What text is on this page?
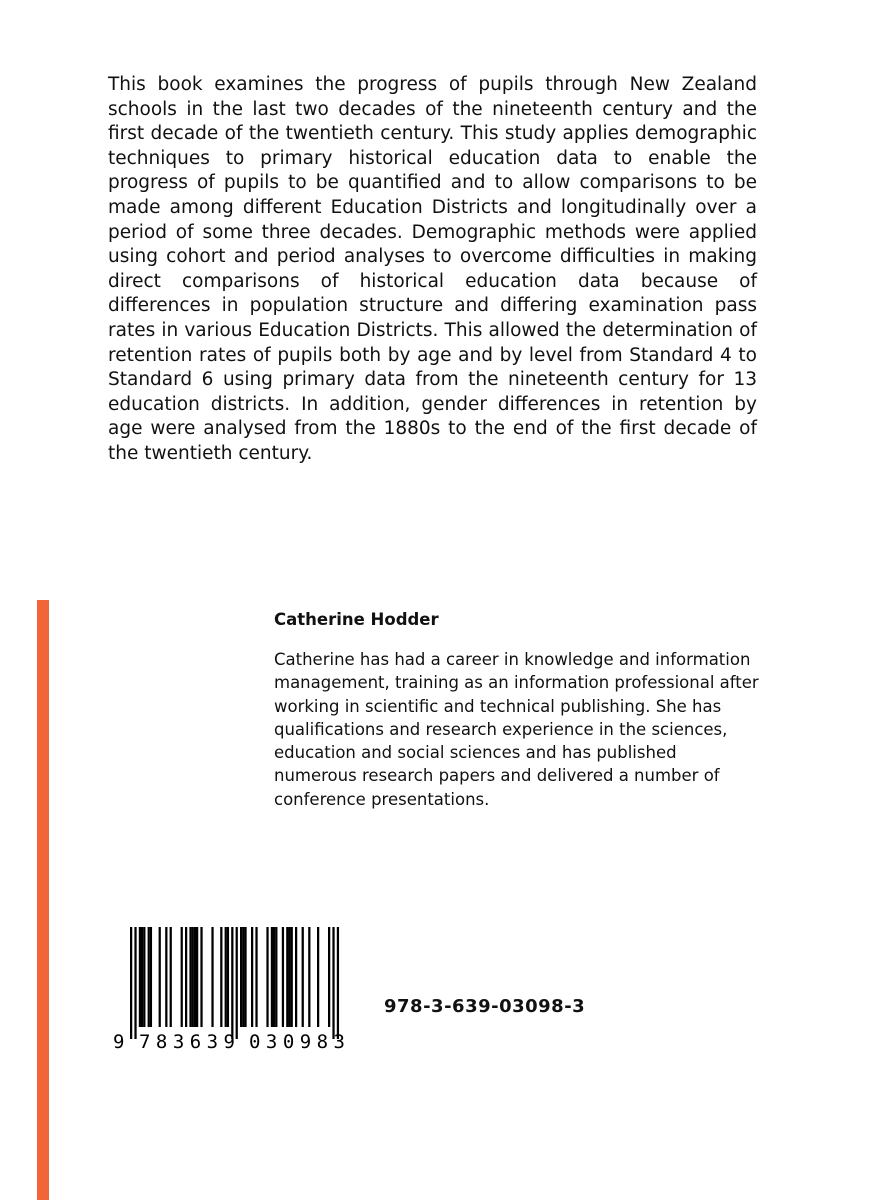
This book examines the progress of pupils through New Zealand schools in the last two decades of the nineteenth century and the first decade of the twentieth century. This study applies demographic techniques to primary historical education data to enable the progress of pupils to be quantified and to allow comparisons to be made among different Education Districts and longitudinally over a period of some three decades. Demographic methods were applied using cohort and period analyses to overcome difficulties in making direct comparisons of historical education data because of differences in population structure and differing examination pass rates in various Education Districts. This allowed the determination of retention rates of pupils both by age and by level from Standard 4 to Standard 6 using primary data from the nineteenth century for 13 education districts. In addition, gender differences in retention by age were analysed from the 1880s to the end of the first decade of the twentieth century.

Catherine Hodder

Catherine has had a career in knowledge and information management, training as an information professional after working in scientific and technical publishing. She has qualifications and research experience in the sciences, education and social sciences and has published numerous research papers and delivered a number of conference presentations.

9 783639 030983
978-3-639-03098-3
